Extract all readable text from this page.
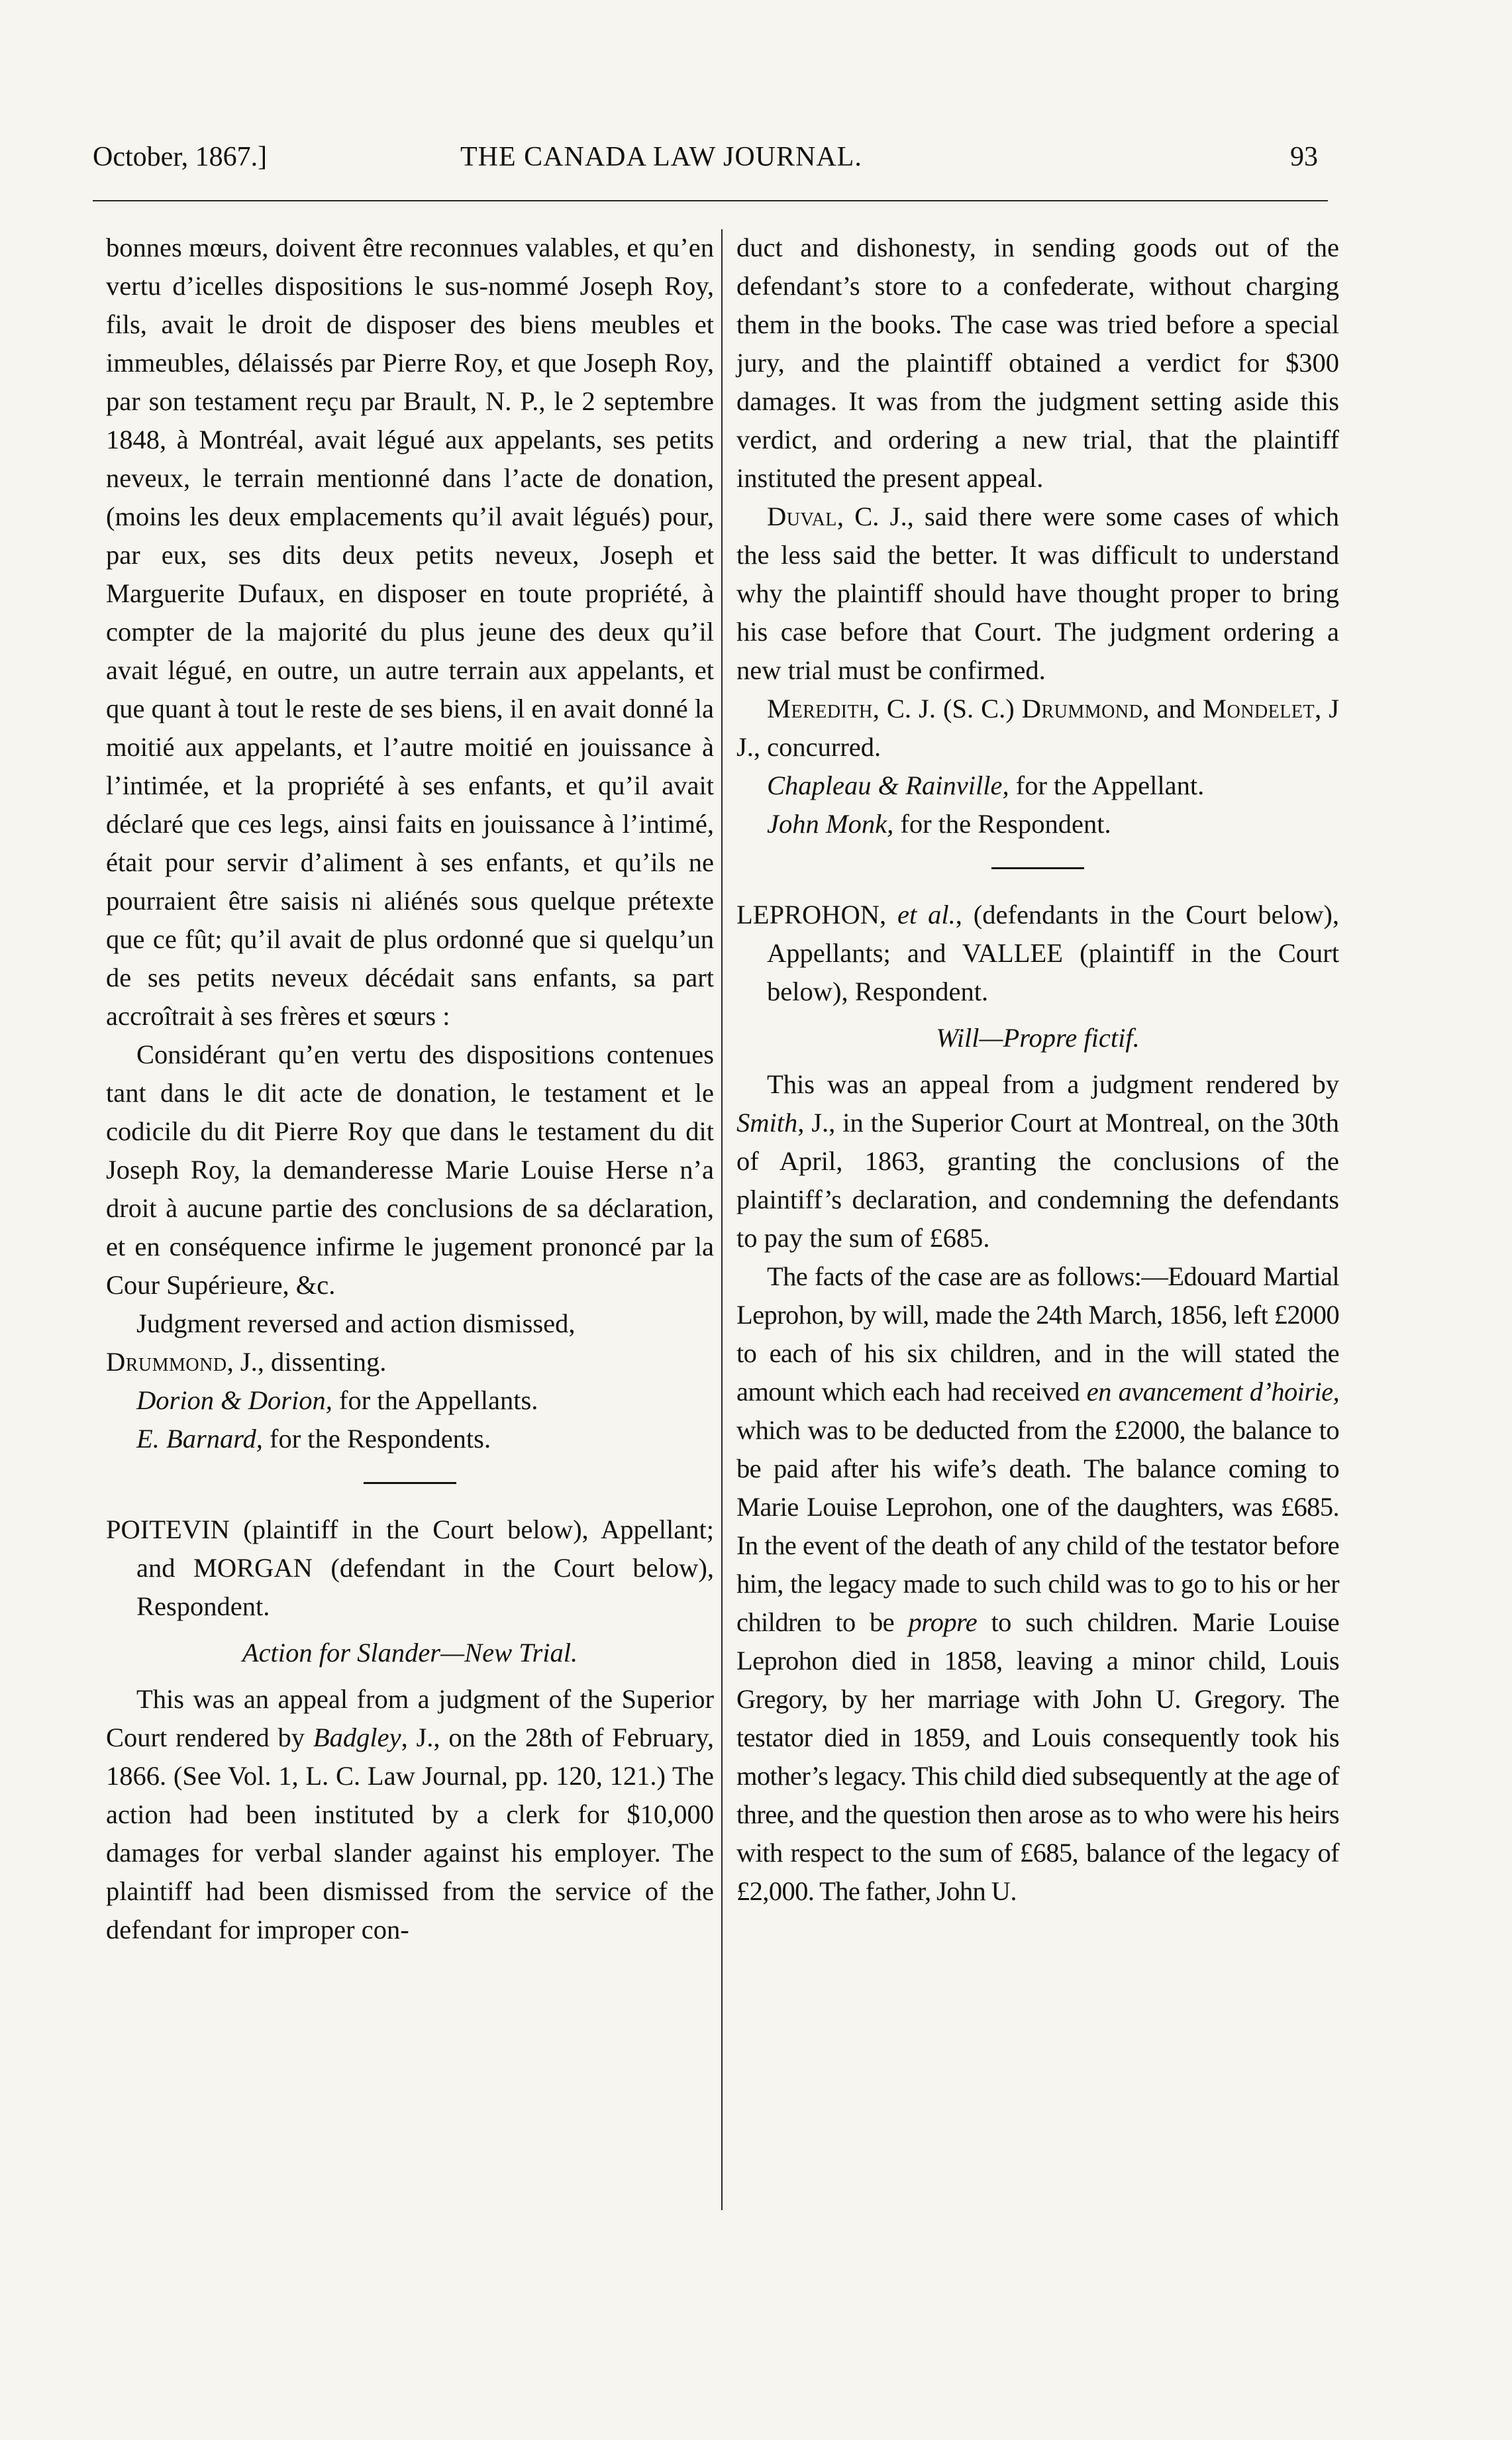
October, 1867.]	THE CANADA LAW JOURNAL.	93

bonnes mœurs, doivent être reconnues valables, et qu’en vertu d’icelles dispositions le sus-nommé Joseph Roy, fils, avait le droit de disposer des biens meubles et immeubles, délaissés par Pierre Roy, et que Joseph Roy, par son testament reçu par Brault, N. P., le 2 septembre 1848, à Montréal, avait légué aux appelants, ses petits neveux, le terrain mentionné dans l’acte de donation, (moins les deux emplacements qu’il avait légués) pour, par eux, ses dits deux petits neveux, Joseph et Marguerite Dufaux, en disposer en toute propriété, à compter de la majorité du plus jeune des deux qu’il avait légué, en outre, un autre terrain aux appelants, et que quant à tout le reste de ses biens, il en avait donné la moitié aux appelants, et l’autre moitié en jouissance à l’intimée, et la propriété à ses enfants, et qu’il avait déclaré que ces legs, ainsi faits en jouissance à l’intimé, était pour servir d’aliment à ses enfants, et qu’ils ne pourraient être saisis ni aliénés sous quelque prétexte que ce fût; qu’il avait de plus ordonné que si quelqu’un de ses petits neveux décédait sans enfants, sa part accroîtrait à ses frères et sœurs :

Considérant qu’en vertu des dispositions contenues tant dans le dit acte de donation, le testament et le codicile du dit Pierre Roy que dans le testament du dit Joseph Roy, la demanderesse Marie Louise Herse n’a droit à aucune partie des conclusions de sa déclaration, et en conséquence infirme le jugement prononcé par la Cour Supérieure, &c.

Judgment reversed and action dismissed,

Drummond, J., dissenting.

Dorion & Dorion, for the Appellants.

E. Barnard, for the Respondents.

POITEVIN (plaintiff in the Court below), Appellant; and MORGAN (defendant in the Court below), Respondent.

Action for Slander—New Trial.

This was an appeal from a judgment of the Superior Court rendered by Badgley, J., on the 28th of February, 1866. (See Vol. 1, L. C. Law Journal, pp. 120, 121.) The action had been instituted by a clerk for $10,000 damages for verbal slander against his employer. The plaintiff had been dismissed from the service of the defendant for improper con-

duct and dishonesty, in sending goods out of the defendant’s store to a confederate, without charging them in the books. The case was tried before a special jury, and the plaintiff obtained a verdict for $300 damages. It was from the judgment setting aside this verdict, and ordering a new trial, that the plaintiff instituted the present appeal.

Duval, C. J., said there were some cases of which the less said the better. It was difficult to understand why the plaintiff should have thought proper to bring his case before that Court. The judgment ordering a new trial must be confirmed.

Meredith, C. J. (S. C.) Drummond, and Mondelet, J J., concurred.

Chapleau & Rainville, for the Appellant.

John Monk, for the Respondent.

LEPROHON, et al., (defendants in the Court below), Appellants; and VALLEE (plaintiff in the Court below), Respondent.

Will—Propre fictif.

This was an appeal from a judgment rendered by Smith, J., in the Superior Court at Montreal, on the 30th of April, 1863, granting the conclusions of the plaintiff’s declaration, and condemning the defendants to pay the sum of £685.

The facts of the case are as follows:—Edouard Martial Leprohon, by will, made the 24th March, 1856, left £2000 to each of his six children, and in the will stated the amount which each had received en avancement d’hoirie, which was to be deducted from the £2000, the balance to be paid after his wife’s death. The balance coming to Marie Louise Leprohon, one of the daughters, was £685. In the event of the death of any child of the testator before him, the legacy made to such child was to go to his or her children to be propre to such children. Marie Louise Leprohon died in 1858, leaving a minor child, Louis Gregory, by her marriage with John U. Gregory. The testator died in 1859, and Louis consequently took his mother’s legacy. This child died subsequently at the age of three, and the question then arose as to who were his heirs with respect to the sum of £685, balance of the legacy of £2,000. The father, John U.
